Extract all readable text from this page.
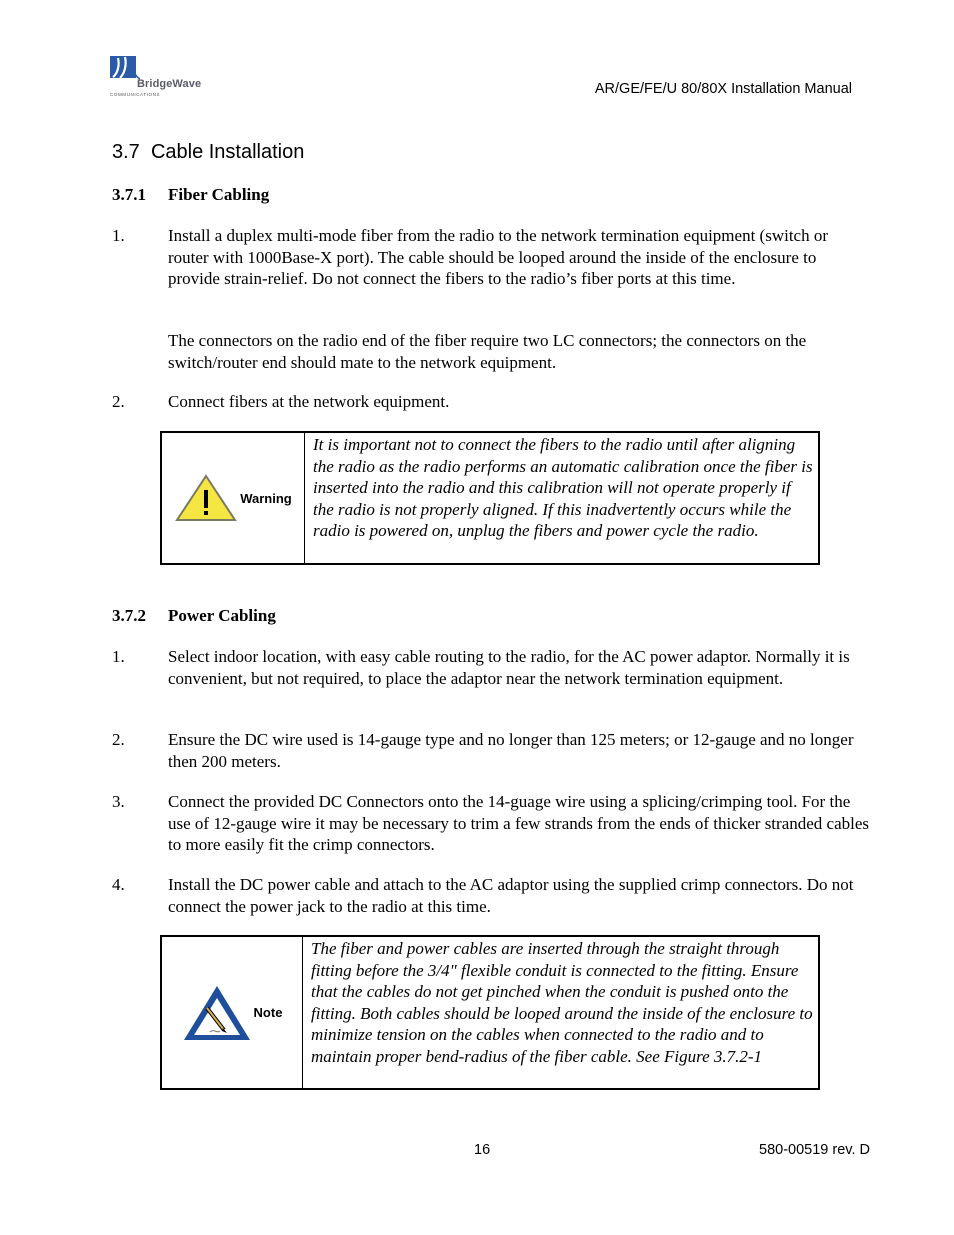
BridgeWave
COMMUNICATIONS	AR/GE/FE/U 80/80X Installation Manual
3.7 Cable Installation
3.7.1 Fiber Cabling
1.	Install a duplex multi-mode fiber from the radio to the network termination equipment (switch or router with 1000Base-X port). The cable should be looped around the inside of the enclosure to provide strain-relief. Do not connect the fibers to the radio’s fiber ports at this time.
The connectors on the radio end of the fiber require two LC connectors; the connectors on the switch/router end should mate to the network equipment.
2.	Connect fibers at the network equipment.
Warning
It is important not to connect the fibers to the radio until after aligning the radio as the radio performs an automatic calibration once the fiber is inserted into the radio and this calibration will not operate properly if the radio is not properly aligned. If this inadvertently occurs while the radio is powered on, unplug the fibers and power cycle the radio.
3.7.2 Power Cabling
1.	Select indoor location, with easy cable routing to the radio, for the AC power adaptor. Normally it is convenient, but not required, to place the adaptor near the network termination equipment.
2.	Ensure the DC wire used is 14-gauge type and no longer than 125 meters; or 12-gauge and no longer then 200 meters.
3.	Connect the provided DC Connectors onto the 14-guage wire using a splicing/crimping tool. For the use of 12-gauge wire it may be necessary to trim a few strands from the ends of thicker stranded cables to more easily fit the crimp connectors.
4.	Install the DC power cable and attach to the AC adaptor using the supplied crimp connectors. Do not connect the power jack to the radio at this time.
Note
The fiber and power cables are inserted through the straight through fitting before the 3/4" flexible conduit is connected to the fitting. Ensure that the cables do not get pinched when the conduit is pushed onto the fitting. Both cables should be looped around the inside of the enclosure to minimize tension on the cables when connected to the radio and to maintain proper bend-radius of the fiber cable. See Figure 3.7.2-1
16	580-00519 rev. D
